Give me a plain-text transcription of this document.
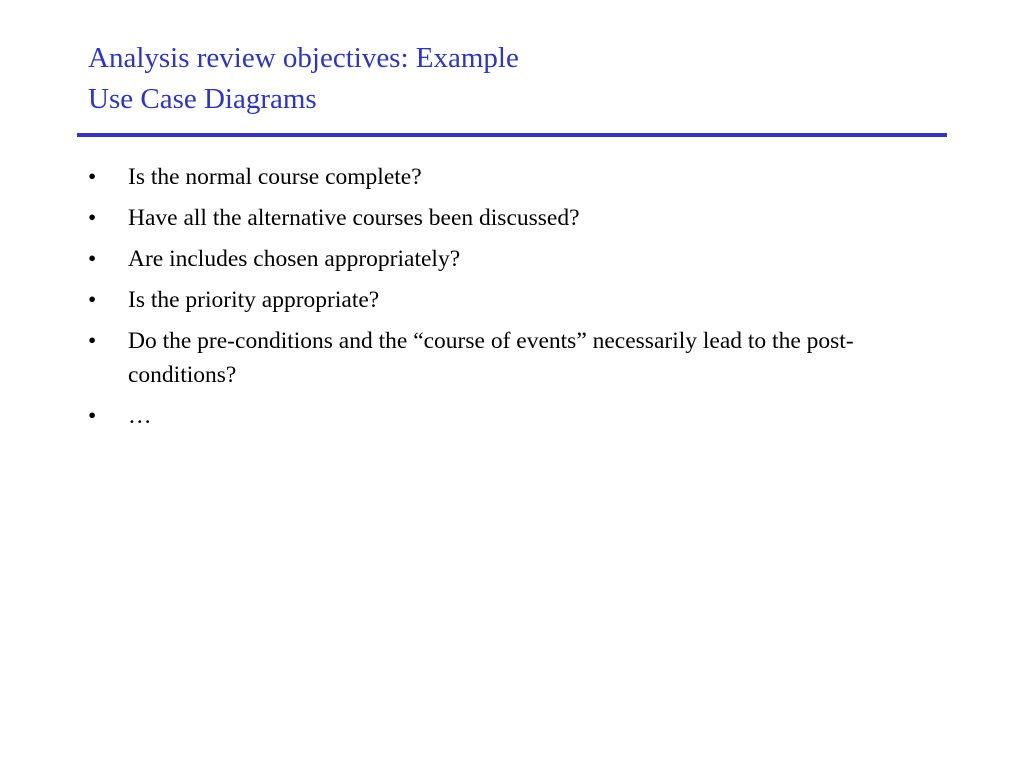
Analysis review objectives: Example
Use Case Diagrams
•	Is the normal course complete?
•	Have all the alternative courses been discussed?
•	Are includes chosen appropriately?
•	Is the priority appropriate?
•	Do the pre-conditions and the “course of events” necessarily lead to the post-conditions?
•	…
